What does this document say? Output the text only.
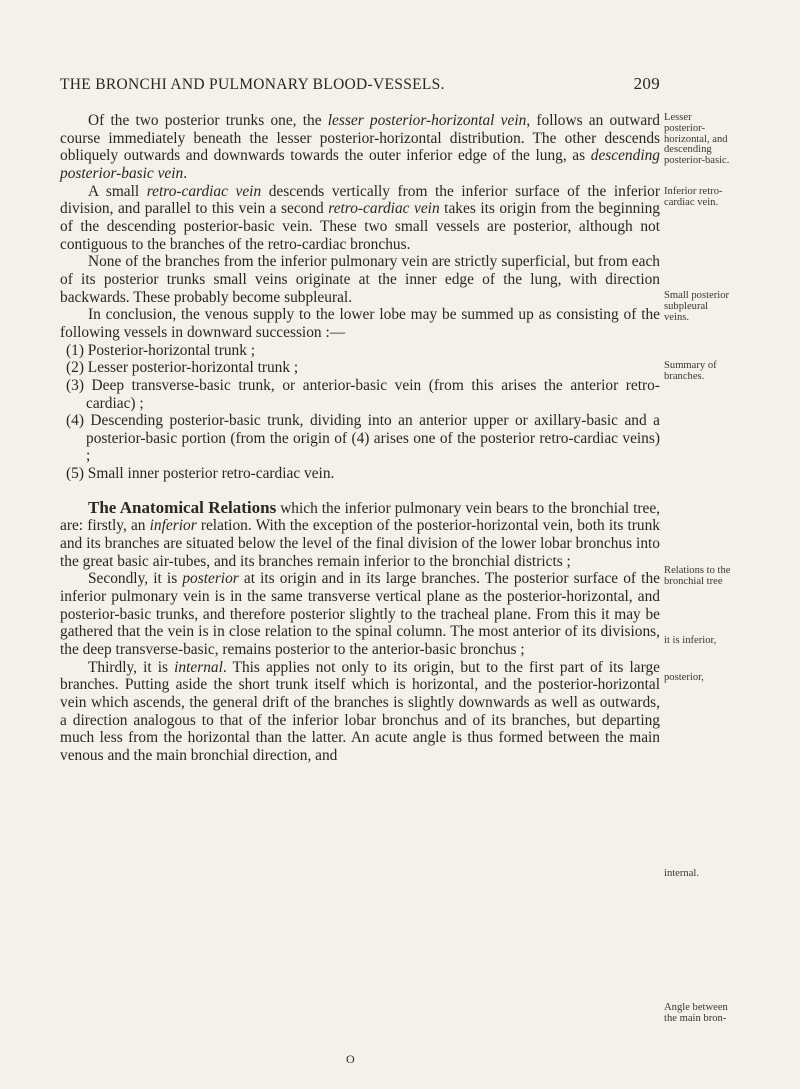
THE BRONCHI AND PULMONARY BLOOD-VESSELS.	209

Of the two posterior trunks one, the lesser posterior-horizontal vein, follows an outward course immediately beneath the lesser posterior-horizontal distribution. The other descends obliquely outwards and downwards towards the outer inferior edge of the lung, as descending posterior-basic vein.

A small retro-cardiac vein descends vertically from the inferior surface of the inferior division, and parallel to this vein a second retro-cardiac vein takes its origin from the beginning of the descending posterior-basic vein. These two small vessels are posterior, although not contiguous to the branches of the retro-cardiac bronchus.

None of the branches from the inferior pulmonary vein are strictly superficial, but from each of its posterior trunks small veins originate at the inner edge of the lung, with direction backwards. These probably become subpleural.

In conclusion, the venous supply to the lower lobe may be summed up as consisting of the following vessels in downward succession :—

(1) Posterior-horizontal trunk ;

(2) Lesser posterior-horizontal trunk ;

(3) Deep transverse-basic trunk, or anterior-basic vein (from this arises the anterior retro-cardiac) ;

(4) Descending posterior-basic trunk, dividing into an anterior upper or axillary-basic and a posterior-basic portion (from the origin of (4) arises one of the posterior retro-cardiac veins) ;

(5) Small inner posterior retro-cardiac vein.

The Anatomical Relations which the inferior pulmonary vein bears to the bronchial tree, are: firstly, an inferior relation. With the exception of the posterior-horizontal vein, both its trunk and its branches are situated below the level of the final division of the lower lobar bronchus into the great basic air-tubes, and its branches remain inferior to the bronchial districts ;

Secondly, it is posterior at its origin and in its large branches. The posterior surface of the inferior pulmonary vein is in the same transverse vertical plane as the posterior-horizontal, and posterior-basic trunks, and therefore posterior slightly to the tracheal plane. From this it may be gathered that the vein is in close relation to the spinal column. The most anterior of its divisions, the deep transverse-basic, remains posterior to the anterior-basic bronchus ;

Thirdly, it is internal. This applies not only to its origin, but to the first part of its large branches. Putting aside the short trunk itself which is horizontal, and the posterior-horizontal vein which ascends, the general drift of the branches is slightly downwards as well as outwards, a direction analogous to that of the inferior lobar bronchus and of its branches, but departing much less from the horizontal than the latter. An acute angle is thus formed between the main venous and the main bronchial direction, and

Lesser posterior-horizontal, and descending posterior-basic.
Inferior retro-cardiac vein.
Small posterior subpleural veins.
Summary of branches.
Relations to the bronchial tree
it is inferior,
posterior,
internal.
Angle between the main bron-
O
